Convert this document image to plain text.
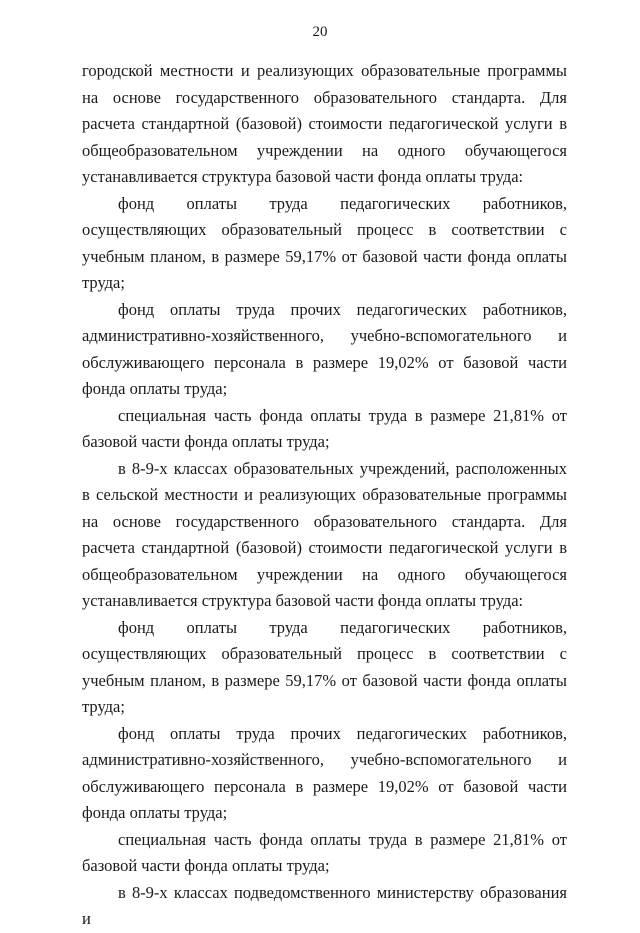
20

городской местности и реализующих образовательные программы на основе государственного образовательного стандарта. Для расчета стандартной (базовой) стоимости педагогической услуги в общеобразовательном учреждении на одного обучающегося устанавливается структура базовой части фонда оплаты труда:

фонд оплаты труда педагогических работников, осуществляющих образовательный процесс в соответствии с учебным планом, в размере 59,17% от базовой части фонда оплаты труда;

фонд оплаты труда прочих педагогических работников, административно-хозяйственного, учебно-вспомогательного и обслуживающего персонала в размере 19,02% от базовой части фонда оплаты труда;

специальная часть фонда оплаты труда в размере 21,81% от базовой части фонда оплаты труда;

в 8-9-х классах образовательных учреждений, расположенных в сельской местности и реализующих образовательные программы на основе государственного образовательного стандарта. Для расчета стандартной (базовой) стоимости педагогической услуги в общеобразовательном учреждении на одного обучающегося устанавливается структура базовой части фонда оплаты труда:

фонд оплаты труда педагогических работников, осуществляющих образовательный процесс в соответствии с учебным планом, в размере 59,17% от базовой части фонда оплаты труда;

фонд оплаты труда прочих педагогических работников, административно-хозяйственного, учебно-вспомогательного и обслуживающего персонала в размере 19,02% от базовой части фонда оплаты труда;

специальная часть фонда оплаты труда в размере 21,81% от базовой части фонда оплаты труда;

в 8-9-х классах подведомственного министерству образования и
